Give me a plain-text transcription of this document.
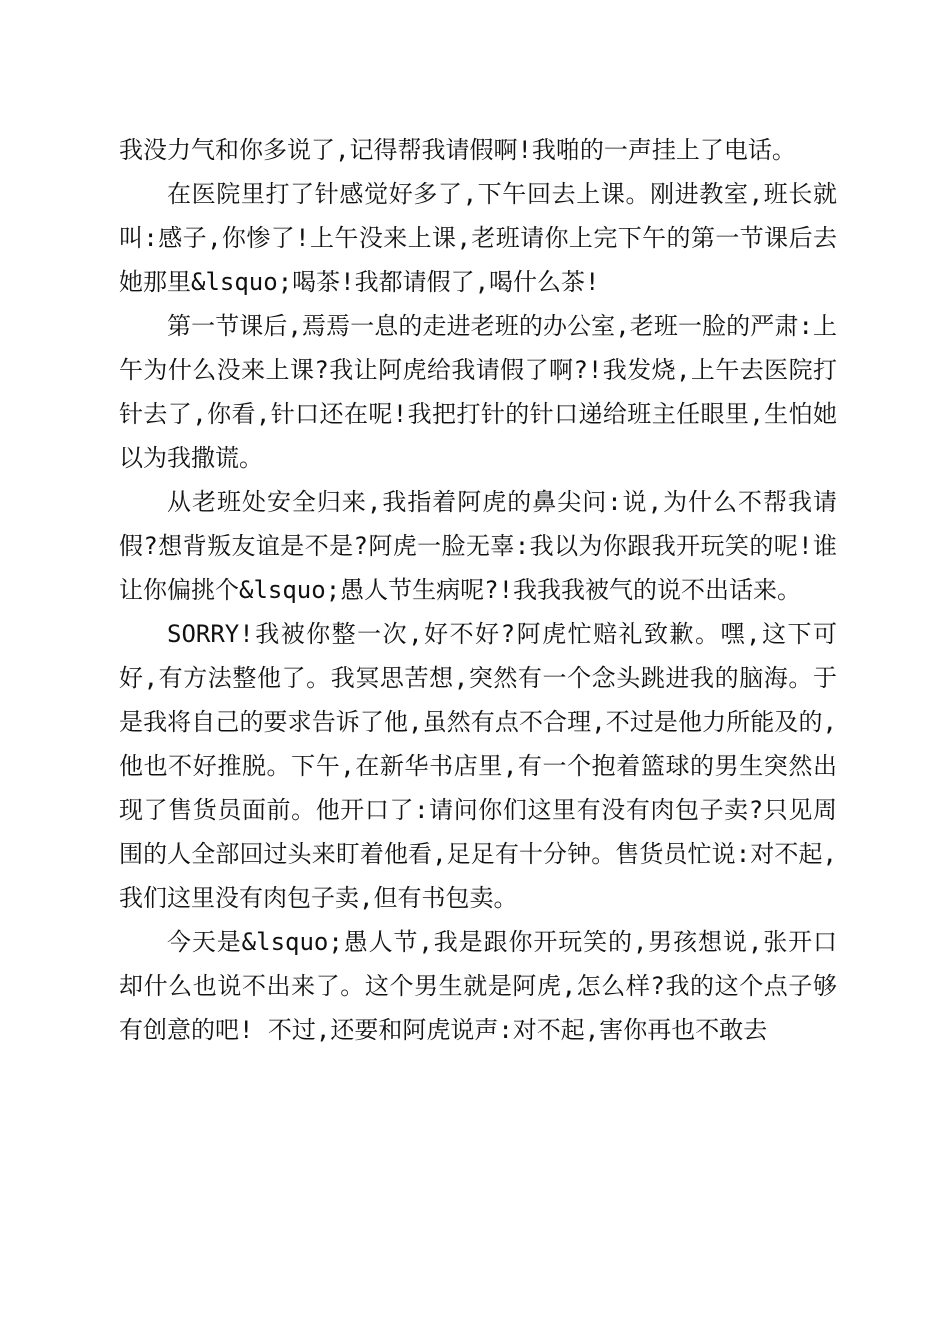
我没力气和你多说了,记得帮我请假啊!我啪的一声挂上了电话。

在医院里打了针感觉好多了,下午回去上课。刚进教室,班长就叫:感子,你惨了!上午没来上课,老班请你上完下午的第一节课后去她那里&lsquo;喝茶!我都请假了,喝什么茶!

第一节课后,焉焉一息的走进老班的办公室,老班一脸的严肃:上午为什么没来上课?我让阿虎给我请假了啊?!我发烧,上午去医院打针去了,你看,针口还在呢!我把打针的针口递给班主任眼里,生怕她以为我撒谎。

从老班处安全归来,我指着阿虎的鼻尖问:说,为什么不帮我请假?想背叛友谊是不是?阿虎一脸无辜:我以为你跟我开玩笑的呢!谁让你偏挑个&lsquo;愚人节生病呢?!我我我被气的说不出话来。

SORRY!我被你整一次,好不好?阿虎忙赔礼致歉。嘿,这下可好,有方法整他了。我冥思苦想,突然有一个念头跳进我的脑海。于是我将自己的要求告诉了他,虽然有点不合理,不过是他力所能及的,他也不好推脱。下午,在新华书店里,有一个抱着篮球的男生突然出现了售货员面前。他开口了:请问你们这里有没有肉包子卖?只见周围的人全部回过头来盯着他看,足足有十分钟。售货员忙说:对不起,我们这里没有肉包子卖,但有书包卖。

今天是&lsquo;愚人节,我是跟你开玩笑的,男孩想说,张开口却什么也说不出来了。这个男生就是阿虎,怎么样?我的这个点子够有创意的吧! 不过,还要和阿虎说声:对不起,害你再也不敢去
